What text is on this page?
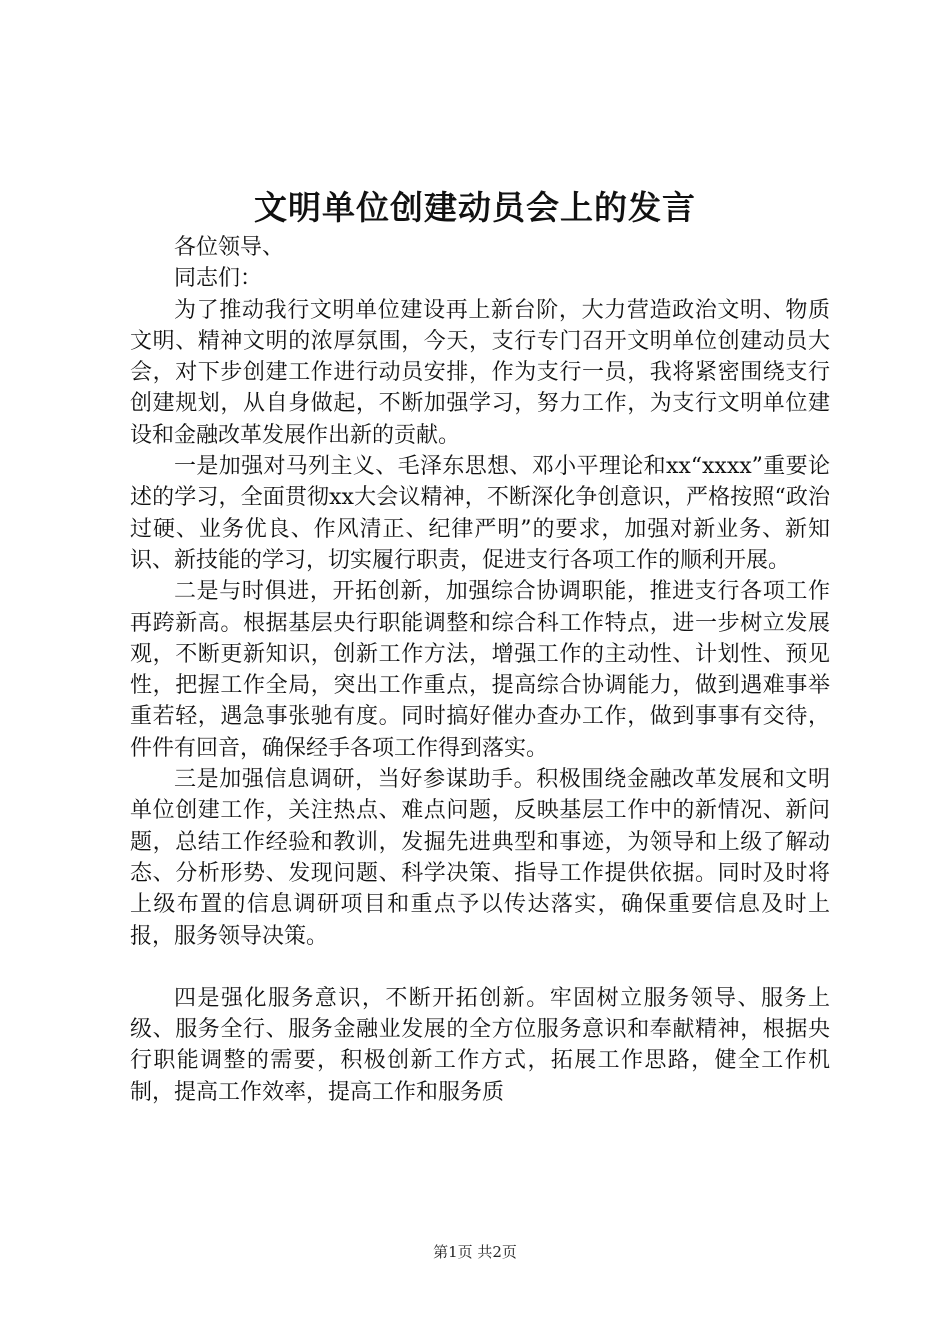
文明单位创建动员会上的发言

各位领导、

同志们：

为了推动我行文明单位建设再上新台阶，大力营造政治文明、物质文明、精神文明的浓厚氛围，今天，支行专门召开文明单位创建动员大会，对下步创建工作进行动员安排，作为支行一员，我将紧密围绕支行创建规划，从自身做起，不断加强学习，努力工作，为支行文明单位建设和金融改革发展作出新的贡献。

一是加强对马列主义、毛泽东思想、邓小平理论和xx“xxxx”重要论述的学习，全面贯彻xx大会议精神，不断深化争创意识，严格按照“政治过硬、业务优良、作风清正、纪律严明”的要求，加强对新业务、新知识、新技能的学习，切实履行职责，促进支行各项工作的顺利开展。

二是与时俱进，开拓创新，加强综合协调职能，推进支行各项工作再跨新高。根据基层央行职能调整和综合科工作特点，进一步树立发展观，不断更新知识，创新工作方法，增强工作的主动性、计划性、预见性，把握工作全局，突出工作重点，提高综合协调能力，做到遇难事举重若轻，遇急事张驰有度。同时搞好催办查办工作，做到事事有交待，件件有回音，确保经手各项工作得到落实。

三是加强信息调研，当好参谋助手。积极围绕金融改革发展和文明单位创建工作，关注热点、难点问题，反映基层工作中的新情况、新问题，总结工作经验和教训，发掘先进典型和事迹，为领导和上级了解动态、分析形势、发现问题、科学决策、指导工作提供依据。同时及时将上级布置的信息调研项目和重点予以传达落实，确保重要信息及时上报，服务领导决策。

四是强化服务意识，不断开拓创新。牢固树立服务领导、服务上级、服务全行、服务金融业发展的全方位服务意识和奉献精神，根据央行职能调整的需要，积极创新工作方式，拓展工作思路，健全工作机制，提高工作效率，提高工作和服务质

第1页 共2页
